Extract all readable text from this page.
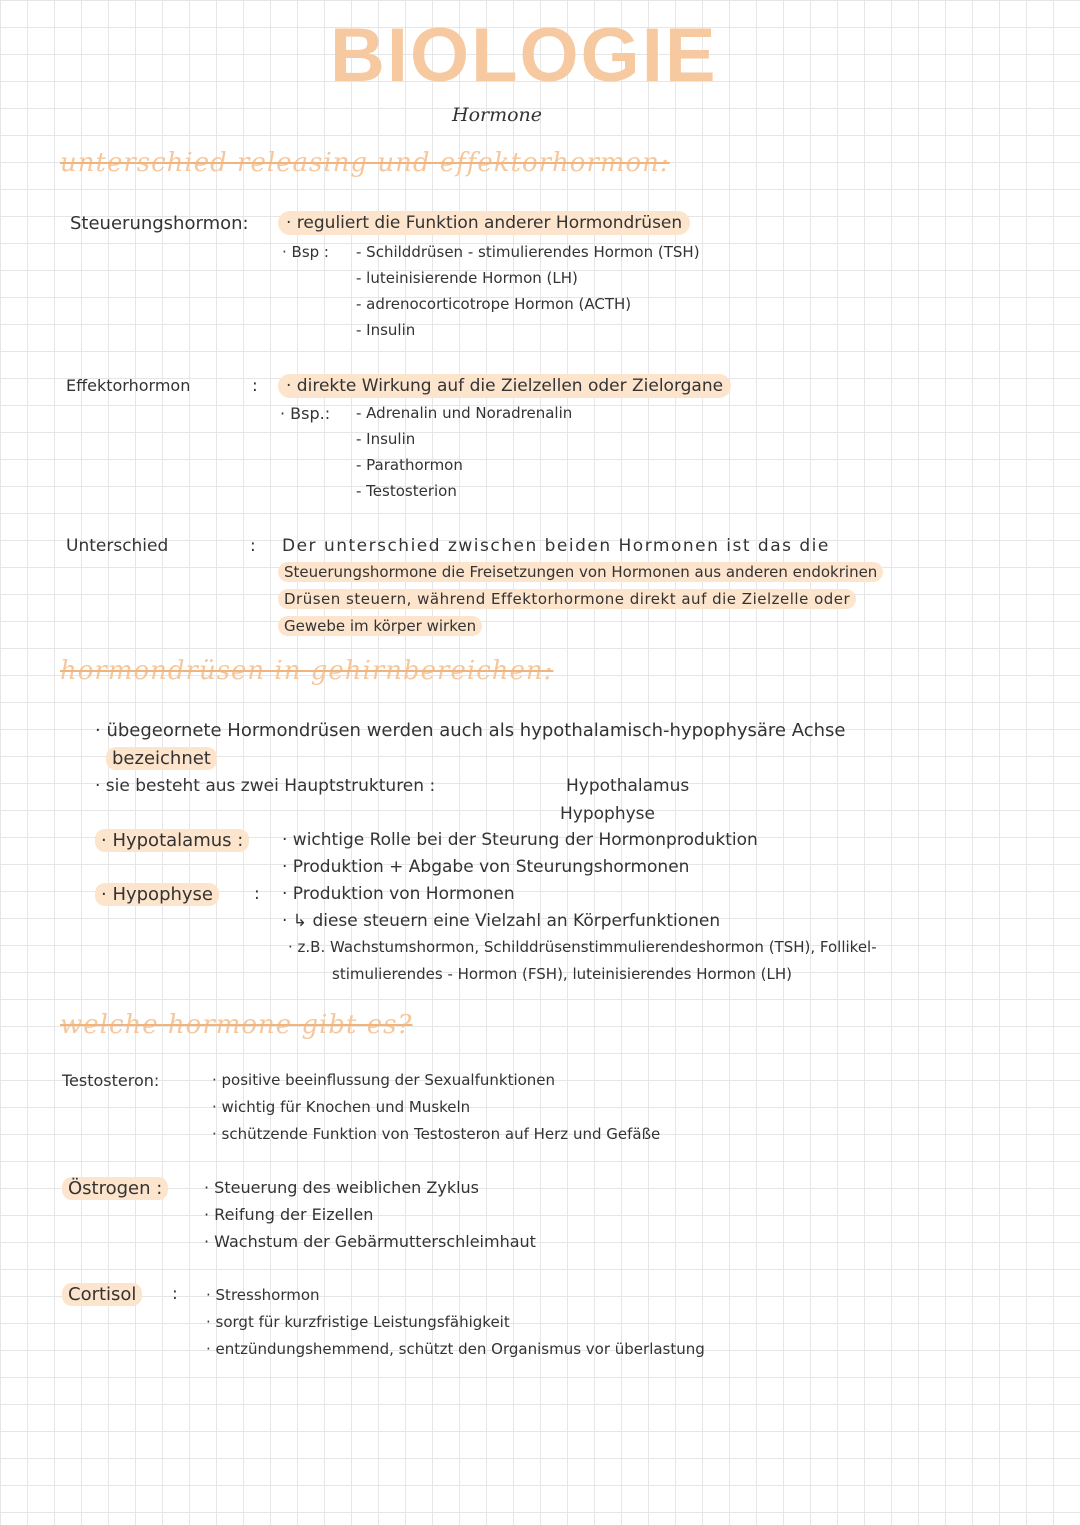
BIOLOGIE
Hormone
unterschied releasing und effektorhormon:
Steuerungshormon:	· reguliert die Funktion anderer Hormondrüsen
· Bsp : - Schilddrüsen - stimulierendes Hormon (TSH)
- luteinisierende Hormon (LH)
- adrenocorticotrope Hormon (ACTH)
- Insulin
Effektorhormon	:	· direkte Wirkung auf die Zielzellen oder Zielorgane
· Bsp.: - Adrenalin und Noradrenalin
- Insulin
- Parathormon
- Testosterion
Unterschied	: Der unterschied zwischen beiden Hormonen ist das die
Steuerungshormone die Freisetzungen von Hormonen aus anderen endokrinen
Drüsen steuern, während Effektorhormone direkt auf die Zielzelle oder
Gewebe im körper wirken
hormondrüsen in gehirnbereichen:
· übegeornete Hormondrüsen werden auch als hypothalamisch-hypophysäre Achse
bezeichnet
· sie besteht aus zwei Hauptstrukturen :	Hypothalamus
Hypophyse
· Hypotalamus :	· wichtige Rolle bei der Steurung der Hormonproduktion
· Produktion + Abgabe von Steurungshormonen
· Hypophyse	: · Produktion von Hormonen
· ↳ diese steuern eine Vielzahl an Körperfunktionen
· z.B. Wachstumshormon, Schilddrüsenstimmulierendeshormon (TSH), Follikel-
stimulierendes - Hormon (FSH), luteinisierendes Hormon (LH)
welche hormone gibt es?
Testosteron:	· positive beeinflussung der Sexualfunktionen
· wichtig für Knochen und Muskeln
· schützende Funktion von Testosteron auf Herz und Gefäße
Östrogen :	· Steuerung des weiblichen Zyklus
· Reifung der Eizellen
· Wachstum der Gebärmutterschleimhaut
Cortisol	: · Stresshormon
· sorgt für kurzfristige Leistungsfähigkeit
· entzündungshemmend, schützt den Organismus vor überlastung
